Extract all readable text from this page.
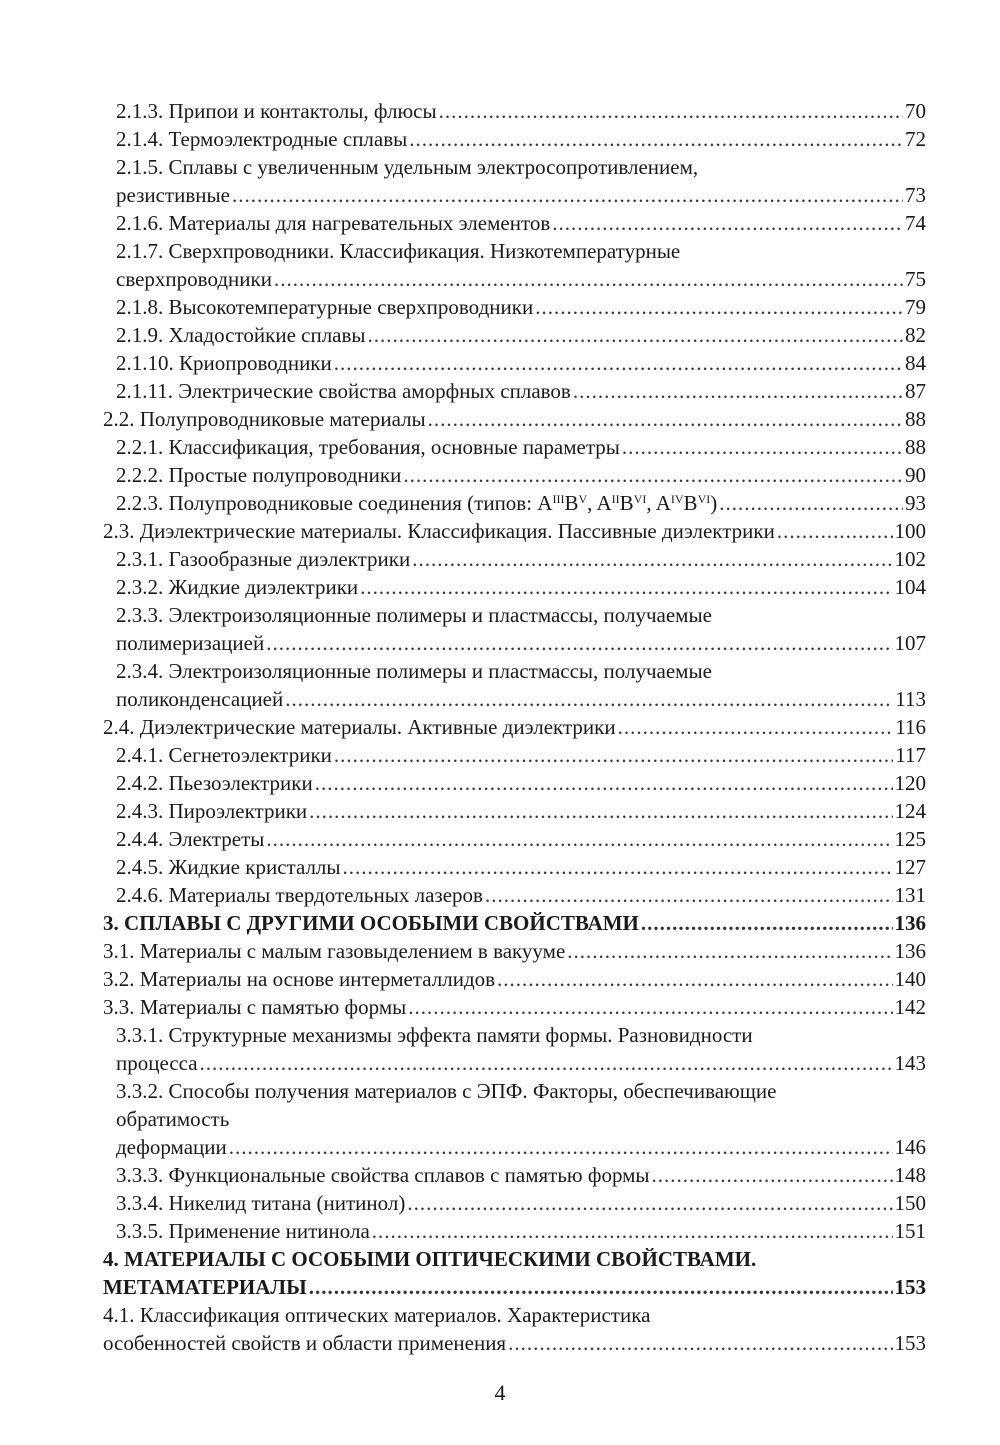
2.1.3. Припои и контактолы, флюсы .....	70
2.1.4. Термоэлектродные сплавы .....	72
2.1.5. Сплавы с увеличенным удельным электросопротивлением,
резистивные .....	73
2.1.6. Материалы для нагревательных элементов .....	74
2.1.7. Сверхпроводники. Классификация. Низкотемпературные
сверхпроводники .....	75
2.1.8. Высокотемпературные сверхпроводники .....	79
2.1.9. Хладостойкие сплавы .....	82
2.1.10. Криопроводники .....	84
2.1.11. Электрические свойства аморфных сплавов .....	87
2.2. Полупроводниковые материалы .....	88
2.2.1. Классификация, требования, основные параметры .....	88
2.2.2. Простые полупроводники .....	90
2.2.3. Полупроводниковые соединения (типов: $A^{III}B^V$, $A^{II}B^{VI}$, $A^{IV}B^{VI}$) .....	93
2.3. Диэлектрические материалы. Классификация. Пассивные диэлектрики .....	100
2.3.1. Газообразные диэлектрики .....	102
2.3.2. Жидкие диэлектрики .....	104
2.3.3. Электроизоляционные полимеры и пластмассы, получаемые
полимеризацией .....	107
2.3.4. Электроизоляционные полимеры и пластмассы, получаемые
поликонденсацией .....	113
2.4. Диэлектрические материалы. Активные диэлектрики .....	116
2.4.1. Сегнетоэлектрики .....	117
2.4.2. Пьезоэлектрики .....	120
2.4.3. Пироэлектрики .....	124
2.4.4. Электреты .....	125
2.4.5. Жидкие кристаллы .....	127
2.4.6. Материалы твердотельных лазеров .....	131
3. СПЛАВЫ С ДРУГИМИ ОСОБЫМИ СВОЙСТВАМИ .....	136
3.1. Материалы с малым газовыделением в вакууме .....	136
3.2. Материалы на основе интерметаллидов .....	140
3.3. Материалы с памятью формы .....	142
3.3.1. Структурные механизмы эффекта памяти формы. Разновидности
процесса .....	143
3.3.2. Способы получения материалов с ЭПФ. Факторы, обеспечивающие
обратимость
деформации .....	146
3.3.3. Функциональные свойства сплавов с памятью формы .....	148
3.3.4. Никелид титана (нитинол) .....	150
3.3.5. Применение нитинола .....	151
4. МАТЕРИАЛЫ С ОСОБЫМИ ОПТИЧЕСКИМИ СВОЙСТВАМИ.
МЕТАМАТЕРИАЛЫ .....	153
4.1. Классификация оптических материалов. Характеристика
особенностей свойств и области применения .....	153
4
